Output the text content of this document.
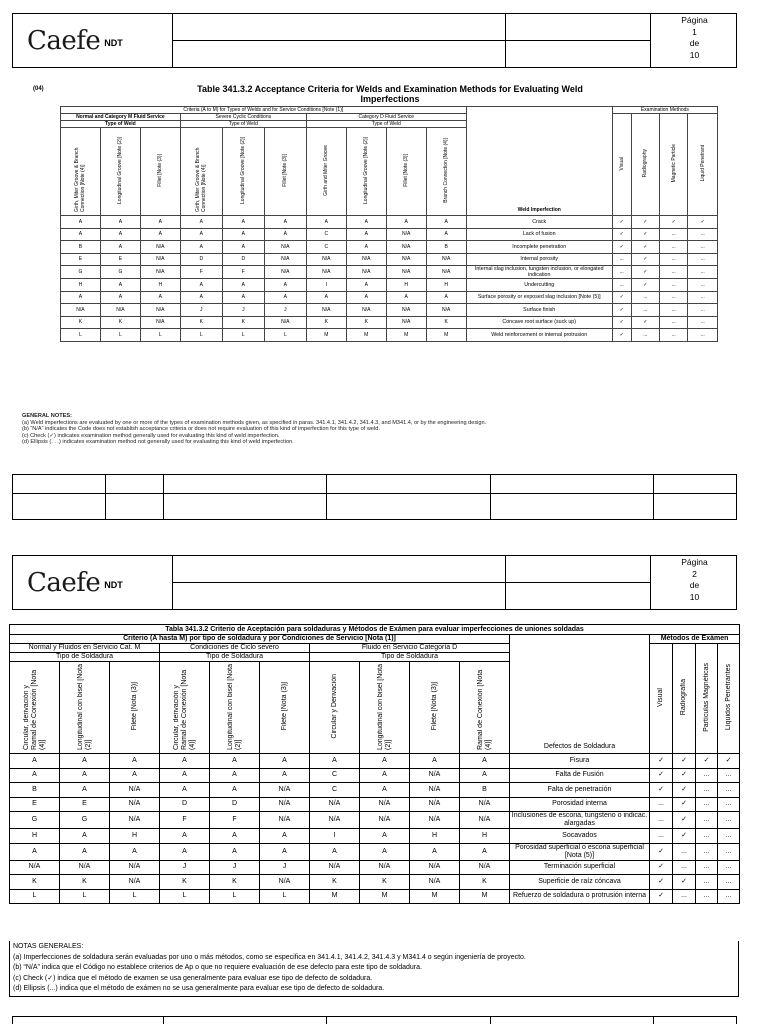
Caefe NDT
Página
1
de
10
(04)	Table 341.3.2 Acceptance Criteria for Welds and Examination Methods for Evaluating Weld Imperfections
Criteria (A to M) for Types of Welds and for Service Conditions [Note (1)]										Weld Imperfection	Examination Methods			
Normal and Category M Fluid Service			Severe Cyclic Conditions			Category D Fluid Service					Visual	Radiography	Magnetic Particle	Liquid Penetrant
Type of Weld			Type of Weld			Type of Weld								
Girth, Miter Groove & Branch Connection [Note (4)]	Longitudinal Groove [Note (2)]	Fillet [Note (3)]	Girth, Miter Groove & Branch Connection [Note (4)]	Longitudinal Groove [Note (2)]	Fillet [Note (3)]	Girth and Miter Groove	Longitudinal Groove [Note (2)]	Fillet [Note (3)]	Branch Connection [Note (4)]					
A	A	A	A	A	A	A	A	A	A	Crack	✓	✓	✓	✓
A	A	A	A	A	A	C	A	N/A	A	Lack of fusion	✓	✓	...	...
B	A	N/A	A	A	N/A	C	A	N/A	B	Incomplete penetration	✓	✓	...	...
E	E	N/A	D	D	N/A	N/A	N/A	N/A	N/A	Internal porosity	...	✓	...	...
G	G	N/A	F	F	N/A	N/A	N/A	N/A	N/A	Internal slag inclusion, tungsten inclusion, or elongated indication	...	✓	...	...
H	A	H	A	A	A	I	A	H	H	Undercutting	...	✓	...	...
A	A	A	A	A	A	A	A	A	A	Surface porosity or exposed slag inclusion [Note (5)]	✓	...	...	...
N/A	N/A	N/A	J	J	J	N/A	N/A	N/A	N/A	Surface finish	✓	...	...	...
K	K	N/A	K	K	N/A	K	K	N/A	K	Concave root surface (suck up)	✓	✓	...	...
L	L	L	L	L	L	M	M	M	M	Weld reinforcement or internal protrusion	✓	...	...	...
GENERAL NOTES:

(a) Weld imperfections are evaluated by one or more of the types of examination methods given, as specified in paras. 341.4.1, 341.4.2, 341.4.3, and M341.4, or by the engineering design.

(b) “N/A” indicates the Code does not establish acceptance criteria or does not require evaluation of this kind of imperfection for this type of weld.

(c) Check (✓) indicates examination method generally used for evaluating this kind of weld imperfection.

(d) Ellipsis (. . .) indicates examination method not generally used for evaluating this kind of weld imperfection.

Caefe NDT
Página
2
de
10
Tabla 341.3.2 Criterio de Aceptación para soldaduras y Métodos de Exámen para evaluar imperfecciones de uniones soldadas														
Criterio (A hasta M) por tipo de soldadura y por Condiciones de Servicio [Nota (1)]										Defectos de Soldadura	Métodos de Exámen			
Normal y Fluidos en Servicio Cat. M			Condiciones de Ciclo severo			Fluido en Servicio Categoría D					Visual	Radiografía	Partículas Magnéticas	Líquidos Penetrantes
Tipo de Soldadura			Tipo de Soldadura			Tipo de Soldadura								
Circular, derivación y Ramal de Conexión [Nota (4)]	Longitudinal con bisel [Nota (2)]	Filete [Nota (3)]	Circular, derivación y Ramal de Conexión [Nota (4)]	Longitudinal con bisel [Nota (2)]	Filete [Nota (3)]	Circular y Derivación	Longitudinal con bisel [Nota (2)]	Filete [Nota (3)]	Ramal de Conexión [Nota (4)]					
A	A	A	A	A	A	A	A	A	A	Fisura	✓	✓	✓	✓
A	A	A	A	A	A	C	A	N/A	A	Falta de Fusión	✓	✓	...	...
B	A	N/A	A	A	N/A	C	A	N/A	B	Falta de penetración	✓	✓	...	...
E	E	N/A	D	D	N/A	N/A	N/A	N/A	N/A	Porosidad interna	...	✓	...	...
G	G	N/A	F	F	N/A	N/A	N/A	N/A	N/A	Inclusiones de escoria, tungsteno o indicac. alargadas	...	✓	...	...
H	A	H	A	A	A	I	A	H	H	Socavados	...	✓	...	...
A	A	A	A	A	A	A	A	A	A	Porosidad superficial o escoria superficial [Nota (5)]	✓	...	...	...
N/A	N/A	N/A	J	J	J	N/A	N/A	N/A	N/A	Terminación superficial	✓	...	...	...
K	K	N/A	K	K	N/A	K	K	N/A	K	Superficie de raíz cóncava	✓	✓	...	...
L	L	L	L	L	L	M	M	M	M	Refuerzo de soldadura o protrusión interna	✓	...	...	...
NOTAS GENERALES:
(a) Imperfecciones de soldadura serán evaluadas por uno o más métodos, como se especifica en 341.4.1, 341.4.2, 341.4.3 y M341.4 o según ingeniería de proyecto.
(b) “N/A” indica que el Código no establece criterios de Ap o que no requiere evaluación de ese defecto para este tipo de soldadura.
(c) Check (✓) indica que el método de examen se usa generalmente para evaluar ese tipo de defecto de soldadura.
(d) Ellipsis (...) indica que el método de exámen no se usa generalmente para evaluar ese tipo de defecto de soldadura.
